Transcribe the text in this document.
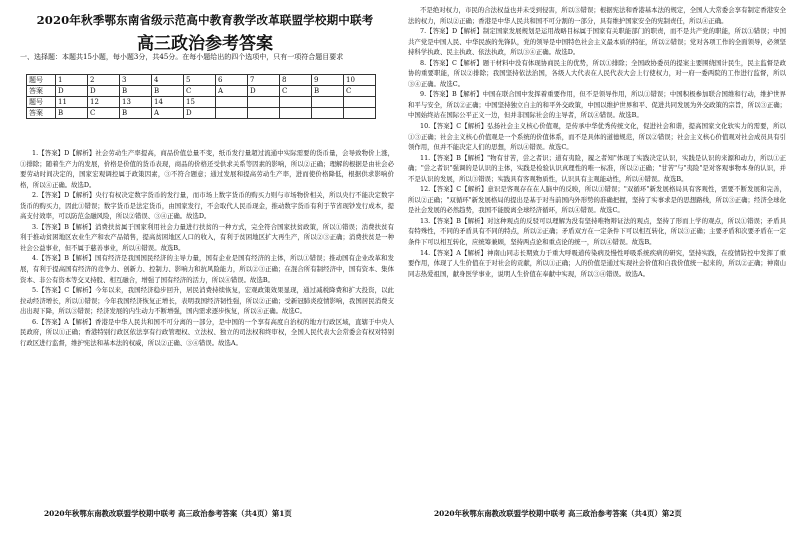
2020年秋季鄂东南省级示范高中教育教学改革联盟学校期中联考
高三政治参考答案
一、选择题：本题共15小题，每小题3分，共45分。在每小题给出的四个选项中，只有一项符合题目要求
题号	1	2	3	4	5	6	7	8	9	10
答案	D	D	B	B	C	A	D	C	B	C
题号	11	12	13	14	15					
答案	B	C	B	A	D					

1.【答案】D【解析】社会劳动生产率提高，商品价值总量不变，纸币发行量超过流通中实际需要的货币量，会导致物价上涨，①排除；随着生产力的发展，价格是价值的货币表现，商品的价格还受供求关系等因素的影响，所以②正确；理解的根据是由社会必要劳动时间决定的，国家宏观调控属于政策因素，③不符合题意；通过发展和提高劳动生产率，进而使价格降低，根据供求影响价格，所以④正确。故选D。

2.【答案】D【解析】央行有权决定数字货币的发行量，而市场上数字货币的购买力则与市场物价相关，所以央行不能决定数字货币的购买力，因此①错误；数字货币是法定货币，由国家发行，不会取代人民币现金，推动数字货币有利于节省现钞发行成本，提高支付效率，可以防范金融风险，所以②错误、③④正确。故选D。

3.【答案】B【解析】消费扶贫属于国家利用社会力量进行扶贫的一种方式，完全符合国家扶贫政策，所以①错误；消费扶贫有利于推动贫困地区农业生产和农产品销售，提高贫困地区人口的收入，有利于贫困地区扩大再生产，所以②③正确；消费扶贫是一种社会公益事业，但不属于慈善事业，所以④错误。故选B。

4.【答案】B【解析】国有经济是我国国民经济的主导力量，国有企业是国有经济的主体，所以①错误；推动国有企业改革和发展，有利于提高国有经济的竞争力、创新力、控制力、影响力和抗风险能力，所以②③正确；在混合所有制经济中，国有资本、集体资本、非公有资本等交叉持股、相互融合，增强了国有经济的活力，所以④错误。故选B。

5.【答案】C【解析】今年以来，我国经济稳步回升，居民消费持续恢复，宏观政策效果显现，通过减税降费和扩大投资，以此拉动经济增长，所以①错误；今年我国经济恢复正增长，表明我国经济韧性强，所以②正确；受新冠肺炎疫情影响，我国居民消费支出出现下降，所以③错误；经济发展的内生动力不断增强，国内需求逐步恢复，所以④正确。故选C。

6.【答案】A【解析】香港是中华人民共和国不可分离的一部分，是中国的一个享有高度自治权的地方行政区域，直辖于中央人民政府，所以①正确；香港特别行政区依法享有行政管理权、立法权、独立的司法权和终审权，全国人民代表大会常委会有权对特别行政区进行监督，维护宪法和基本法的权威，所以②正确、③④错误。故选A。

2020年秋鄂东南教改联盟学校期中联考 高三政治参考答案（共4页）第1页

不是绝对权力，市民的合法权益也并未受到侵害，所以③错误；根据宪法和香港基本法的规定，全国人大常委会享有制定香港安全法的权力，所以②正确；香港是中华人民共和国不可分割的一部分，具有维护国家安全的宪制责任，所以④正确。

7.【答案】D【解析】制定国家发展规划是运用战略目标属于国家有关职能部门的职责，而不是共产党的职能，所以①错误；中国共产党是中国人民、中华民族的先锋队，党的领导是中国特色社会主义最本质的特征，所以②错误；党对各项工作的全面领导，必须坚持科学执政、民主执政、依法执政，所以③④正确。故选D。

8.【答案】C【解析】题干材料中没有体现协商民主的优势，所以①排除；全国政协委员的提案主要围绕国计民生，民主监督是政协的重要职能，所以②排除；我国坚持依法治国，各级人大代表在人民代表大会上行使权力，对一府一委两院的工作进行监督，所以③④正确。故选C。

9.【答案】B【解析】中国在联合国中发挥着重要作用，但不是领导作用，所以①错误；中国积极参加联合国维和行动，维护世界和平与安全，所以②正确；中国坚持独立自主的和平外交政策，中国以维护世界和平、促进共同发展为外交政策的宗旨，所以③正确；中国始终站在国际公平正义一边，但并非国际社会的主导者，所以④错误。故选B。

10.【答案】C【解析】弘扬社会主义核心价值观，是传承中华优秀传统文化，促进社会和谐，提高国家文化软实力的需要，所以①③正确；社会主义核心价值观是一个系统的价值体系，而不是具体的道德规范，所以②错误；社会主义核心价值观对社会成员具有引领作用，但并不能决定人们的思想，所以④错误。故选C。

11.【答案】B【解析】"物有甘苦，尝之者识；道有夷险，履之者知"体现了实践决定认识，实践是认识的来源和动力，所以①正确；"尝之者识"强调的是认识的主体，实践是检验认识真理性的唯一标准，所以②正确；"甘苦"与"夷险"是对客观事物本身的认识，并不是认识的发展，所以③错误；实践具有客观物质性，认识具有主观能动性，所以④错误。故选B。

12.【答案】C【解析】意识是客观存在在人脑中的反映，所以①错误；"双循环"新发展格局具有客观性，需要不断发展和完善，所以②正确；"双循环"新发展格局的提出是基于对当前国内外形势的准确把握，坚持了实事求是的思想路线，所以③正确；经济全球化是社会发展的必然趋势，我国不能脱离全球经济循环，所以④错误。故选C。

13.【答案】B【解析】对这种观点的反驳可以理解为没有坚持唯物辩证法的观点，坚持了形而上学的观点，所以①错误；矛盾具有特殊性，不同的矛盾具有不同的特点，所以②正确；矛盾双方在一定条件下可以相互转化，所以③正确；主要矛盾和次要矛盾在一定条件下可以相互转化，应统筹兼顾，坚持两点论和重点论的统一，所以④错误。故选B。

14.【答案】A【解析】神南山同志长期致力于重大呼吸道传染病及慢性呼吸系统疾病的研究，坚持实践，在疫情防控中发挥了重要作用，体现了人生价值在于对社会的贡献，所以①正确；人的价值是通过实现社会价值和自我价值统一起来的，所以②正确；神南山同志热爱祖国，献身医学事业，说明人生价值在奉献中实现，所以③④错误。故选A。

2020年秋鄂东南教改联盟学校期中联考 高三政治参考答案（共4页）第2页
